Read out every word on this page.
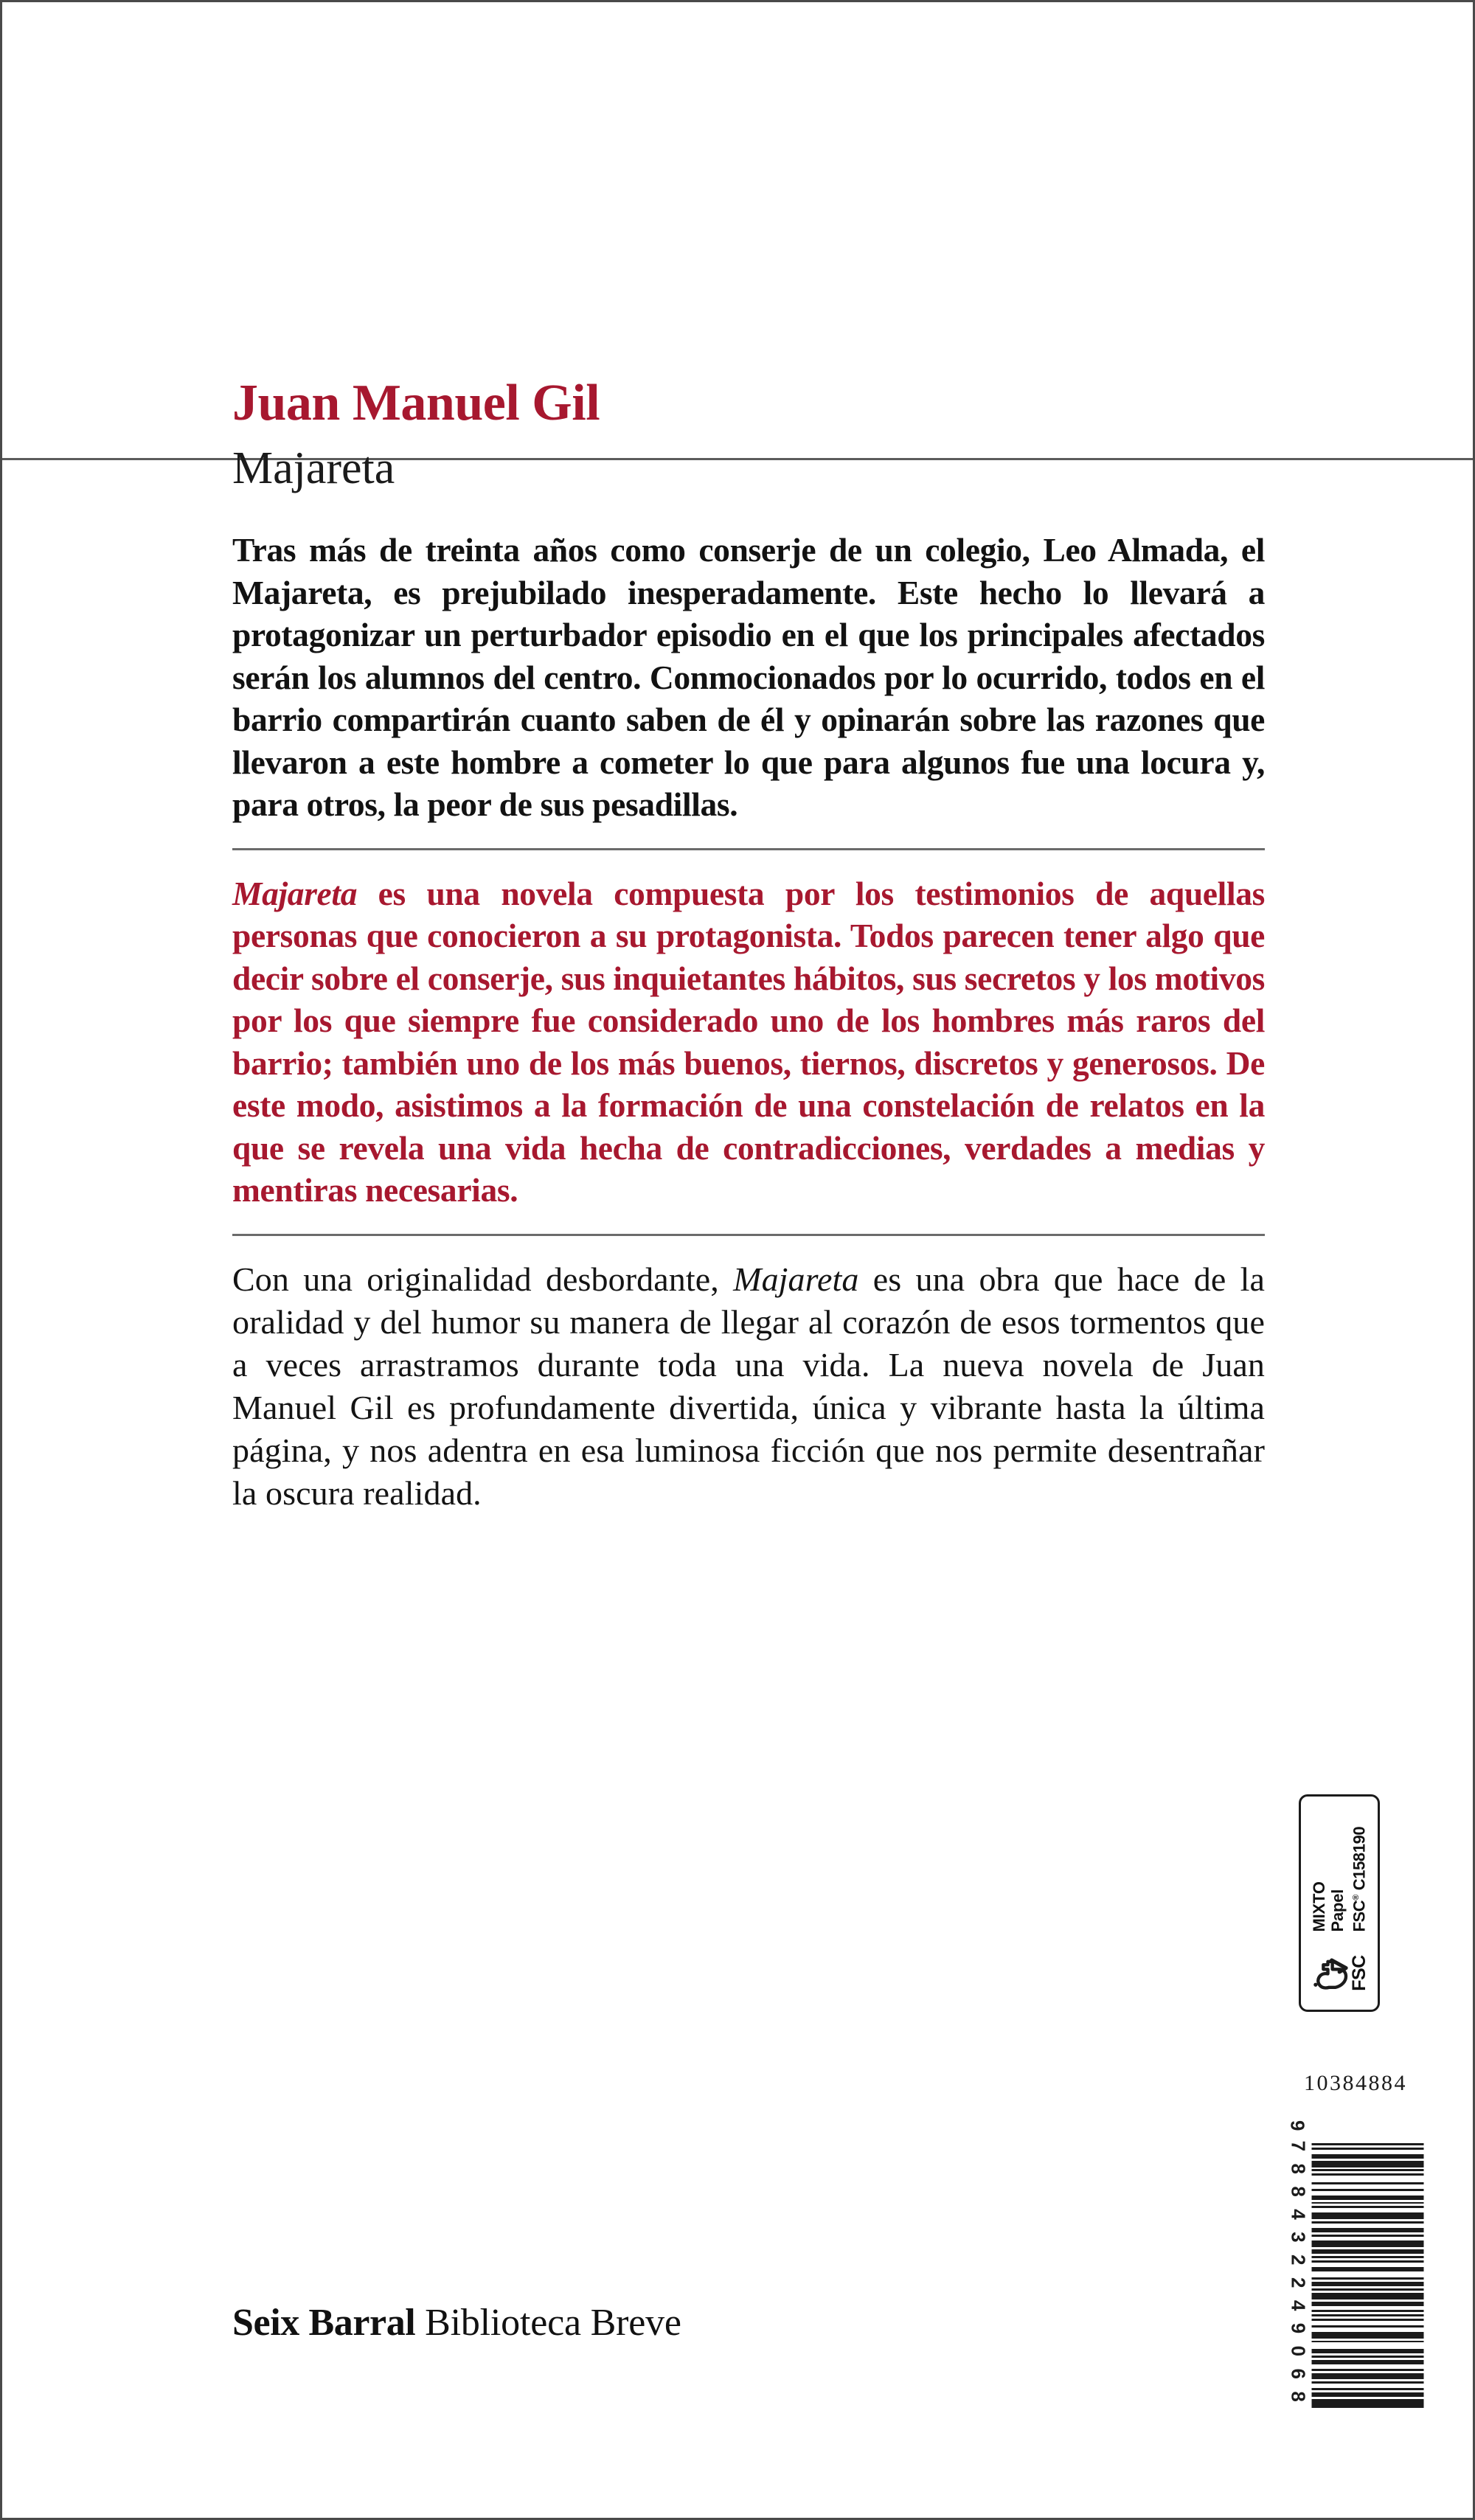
Juan Manuel Gil
Majareta

Tras más de treinta años como conserje de un colegio, Leo Almada, el Majareta, es prejubilado inesperadamente. Este hecho lo llevará a protagonizar un perturbador episodio en el que los principales afectados serán los alumnos del centro. Conmocionados por lo ocurrido, todos en el barrio compartirán cuanto saben de él y opinarán sobre las razones que llevaron a este hombre a cometer lo que para algunos fue una locura y, para otros, la peor de sus pesadillas.

Majareta es una novela compuesta por los testimonios de aquellas personas que conocieron a su protagonista. Todos parecen tener algo que decir sobre el conserje, sus inquietantes hábitos, sus secretos y los motivos por los que siempre fue considerado uno de los hombres más raros del barrio; también uno de los más buenos, tiernos, discretos y generosos. De este modo, asistimos a la formación de una constelación de relatos en la que se revela una vida hecha de contradicciones, verdades a medias y mentiras necesarias.

Con una originalidad desbordante, Majareta es una obra que hace de la oralidad y del humor su manera de llegar al corazón de esos tormentos que a veces arrastramos durante toda una vida. La nueva novela de Juan Manuel Gil es profundamente divertida, única y vibrante hasta la última página, y nos adentra en esa luminosa ficción que nos permite desentrañar la oscura realidad.

Seix Barral Biblioteca Breve
FSC
MIXTO Papel FSC® C158190
10384884
9
7
8
8
4
3
2
2
4
9
0
6
8
